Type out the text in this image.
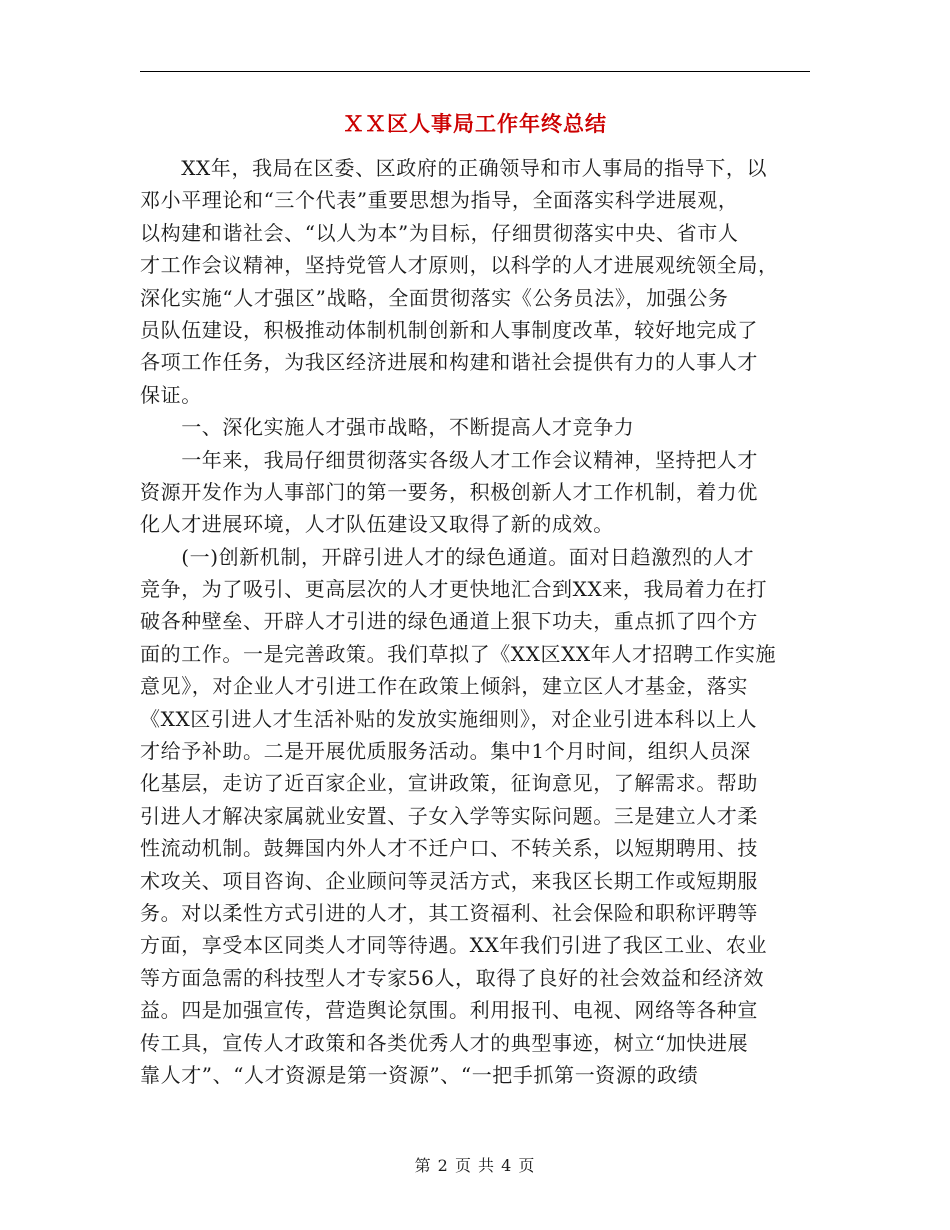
ＸＸ区人事局工作年终总结
　　XX年，我局在区委、区政府的正确领导和市人事局的指导下，以
邓小平理论和“三个代表”重要思想为指导，全面落实科学进展观，
以构建和谐社会、“以人为本”为目标，仔细贯彻落实中央、省市人
才工作会议精神，坚持党管人才原则，以科学的人才进展观统领全局，
深化实施“人才强区”战略，全面贯彻落实《公务员法》，加强公务
员队伍建设，积极推动体制机制创新和人事制度改革，较好地完成了
各项工作任务，为我区经济进展和构建和谐社会提供有力的人事人才
保证。
　　一、深化实施人才强市战略，不断提高人才竞争力
　　一年来，我局仔细贯彻落实各级人才工作会议精神，坚持把人才
资源开发作为人事部门的第一要务，积极创新人才工作机制，着力优
化人才进展环境，人才队伍建设又取得了新的成效。
　　(一)创新机制，开辟引进人才的绿色通道。面对日趋激烈的人才
竞争，为了吸引、更高层次的人才更快地汇合到XX来，我局着力在打
破各种壁垒、开辟人才引进的绿色通道上狠下功夫，重点抓了四个方
面的工作。一是完善政策。我们草拟了《XX区XX年人才招聘工作实施
意见》，对企业人才引进工作在政策上倾斜，建立区人才基金，落实
《XX区引进人才生活补贴的发放实施细则》，对企业引进本科以上人
才给予补助。二是开展优质服务活动。集中1个月时间，组织人员深
化基层，走访了近百家企业，宣讲政策，征询意见，了解需求。帮助
引进人才解决家属就业安置、子女入学等实际问题。三是建立人才柔
性流动机制。鼓舞国内外人才不迁户口、不转关系，以短期聘用、技
术攻关、项目咨询、企业顾问等灵活方式，来我区长期工作或短期服
务。对以柔性方式引进的人才，其工资福利、社会保险和职称评聘等
方面，享受本区同类人才同等待遇。XX年我们引进了我区工业、农业
等方面急需的科技型人才专家56人，取得了良好的社会效益和经济效
益。四是加强宣传，营造舆论氛围。利用报刊、电视、网络等各种宣
传工具，宣传人才政策和各类优秀人才的典型事迹，树立“加快进展
靠人才”、“人才资源是第一资源”、“一把手抓第一资源的政绩
第 2 页 共 4 页
